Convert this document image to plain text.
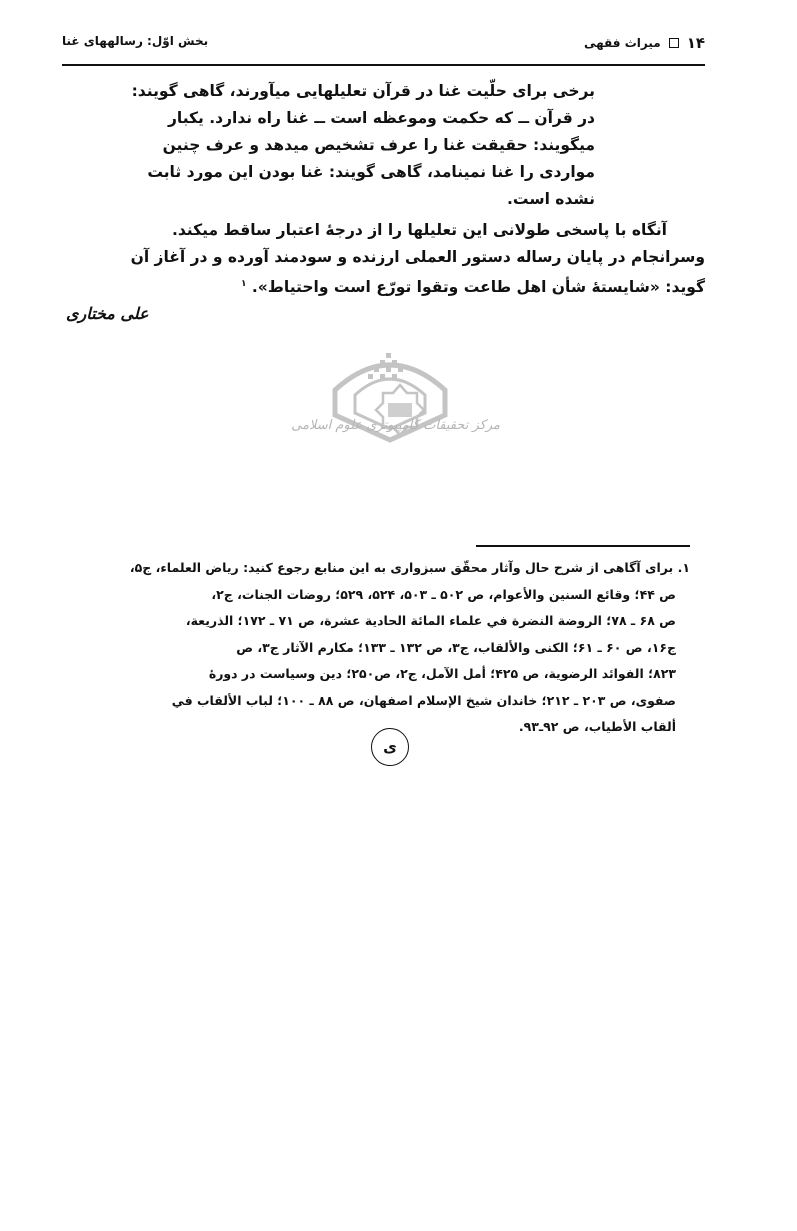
۱۴
میراث فقهی
بخش اوّل: رسالههای غنا
برخی برای حلّیت غنا در قرآن تعلیلهایی میآورند، گاهی گویند:
در قرآن ــ که حکمت وموعظه است ــ غنا راه ندارد. یکبار
میگویند: حقیقت غنا را عرف تشخیص میدهد و عرف چنین
مواردی را غنا نمینامد، گاهی گویند: غنا بودن این مورد ثابت
نشده است.
آنگاه با پاسخی طولانی این تعلیلها را از درجۀ اعتبار ساقط میکند.
وسرانجام در پایان رساله دستور العملی ارزنده و سودمند آورده و در آغاز آن
گوید: «شایستۀ شأن اهل طاعت وتقوا تورّع است واحتیاط». $^۱$
علی مختاری
مرکز تحقیقات کامپیوتری علوم اسلامی
۱. برای آگاهی از شرح حال وآثار محقّق سبزواری به این منابع رجوع کنید: ریاض العلماء، ج۵،
ص ۴۴؛ وقائع السنین والأعوام، ص ۵۰۲ ـ ۵۰۳، ۵۲۴، ۵۲۹؛ روضات الجنات، ج۲،
ص ۶۸ ـ ۷۸؛ الروضة النضرة في علماء المائة الحادية عشرة، ص ۷۱ ـ ۱۷۲؛ الذریعة،
ج۱۶، ص ۶۰ ـ ۶۱؛ الکنی والألقاب، ج۳، ص ۱۳۲ ـ ۱۳۳؛ مکارم الآثار ج۳، ص
۸۲۳؛ الفوائد الرضویة، ص ۴۲۵؛ أمل الآمل، ج۲، ص۲۵۰؛ دین وسیاست در دورۀ
صفوی، ص ۲۰۳ ـ ۲۱۲؛ خاندان شیخ الإسلام اصفهان، ص ۸۸ ـ ۱۰۰؛ لباب الألقاب في
ألقاب الأطیاب، ص ۹۲ـ۹۳.
ی
